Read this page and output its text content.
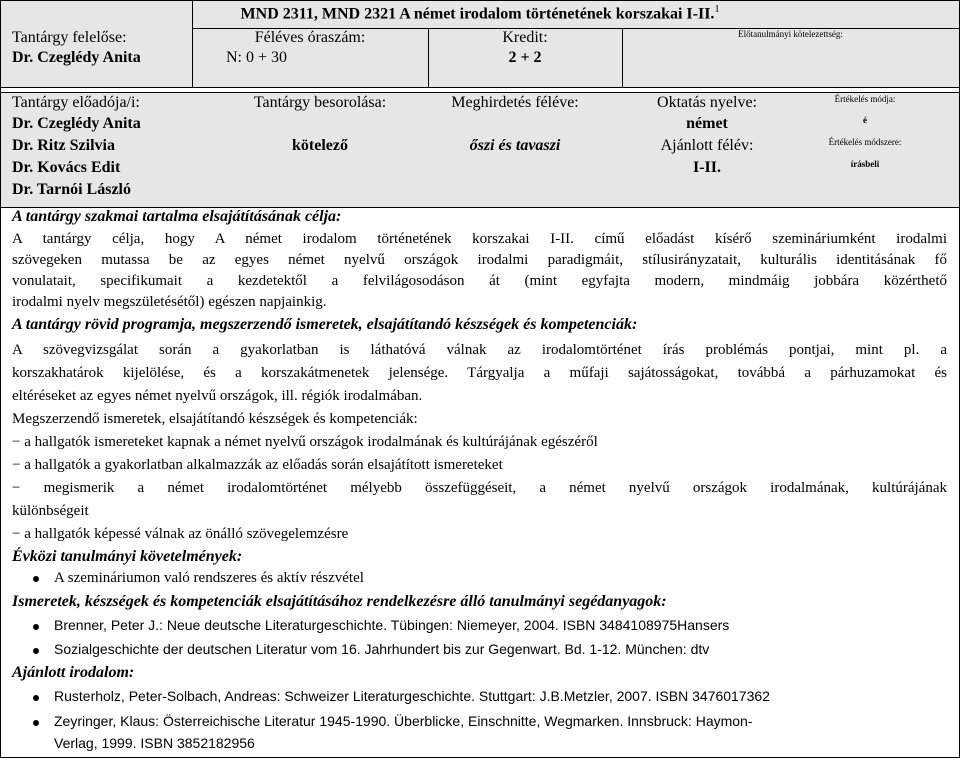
Tantárgy felelőse:
Dr. Czeglédy Anita
MND 2311, MND 2321 A német irodalom történetének korszakai I-II.$^1$
Féléves óraszám:
N: 0 + 30
Kredit:
2 + 2
Előtanulmányi kötelezettség:
Tantárgy előadója/i:
Dr. Czeglédy Anita
Dr. Ritz Szilvia
Dr. Kovács Edit
Dr. Tarnói László
Tantárgy besorolása:
kötelező
Meghirdetés féléve:
őszi és tavaszi
Oktatás nyelve:
német
Ajánlott félév:
I-II.
Értékelés módja:
é
Értékelés módszere:
írásbeli
A tantárgy szakmai tartalma elsajátításának célja:
A tantárgy célja, hogy A német irodalom történetének korszakai I-II. című előadást kísérő szemináriumként irodalmi
szövegeken mutassa be az egyes német nyelvű országok irodalmi paradigmáit, stílusirányzatait, kulturális identitásának fő
vonulatait, specifikumait a kezdetektől a felvilágosodáson át (mint egyfajta modern, mindmáig jobbára közérthető
irodalmi nyelv megszületésétől) egészen napjainkig.
A tantárgy rövid programja, megszerzendő ismeretek, elsajátítandó készségek és kompetenciák:
A szövegvizsgálat során a gyakorlatban is láthatóvá válnak az irodalomtörténet írás problémás pontjai, mint pl. a
korszakhatárok kijelölése, és a korszakátmenetek jelensége. Tárgyalja a műfaji sajátosságokat, továbbá a párhuzamokat és
eltéréseket az egyes német nyelvű országok, ill. régiók irodalmában.
Megszerzendő ismeretek, elsajátítandó készségek és kompetenciák:
− a hallgatók ismereteket kapnak a német nyelvű országok irodalmának és kultúrájának egészéről
− a hallgatók a gyakorlatban alkalmazzák az előadás során elsajátított ismereteket
− megismerik a német irodalomtörténet mélyebb összefüggéseit, a német nyelvű országok irodalmának, kultúrájának
különbségeit
− a hallgatók képessé válnak az önálló szövegelemzésre
Évközi tanulmányi követelmények:
A szemináriumon való rendszeres és aktív részvétel
Ismeretek, készségek és kompetenciák elsajátításához rendelkezésre álló tanulmányi segédanyagok:
Brenner, Peter J.: Neue deutsche Literaturgeschichte. Tübingen: Niemeyer, 2004. ISBN 3484108975Hansers
Sozialgeschichte der deutschen Literatur vom 16. Jahrhundert bis zur Gegenwart. Bd. 1-12. München: dtv
Ajánlott irodalom:
Rusterholz, Peter-Solbach, Andreas: Schweizer Literaturgeschichte. Stuttgart: J.B.Metzler, 2007. ISBN 3476017362
Zeyringer, Klaus: Österreichische Literatur 1945-1990. Überblicke, Einschnitte, Wegmarken. Innsbruck: Haymon-
Verlag, 1999. ISBN 3852182956
